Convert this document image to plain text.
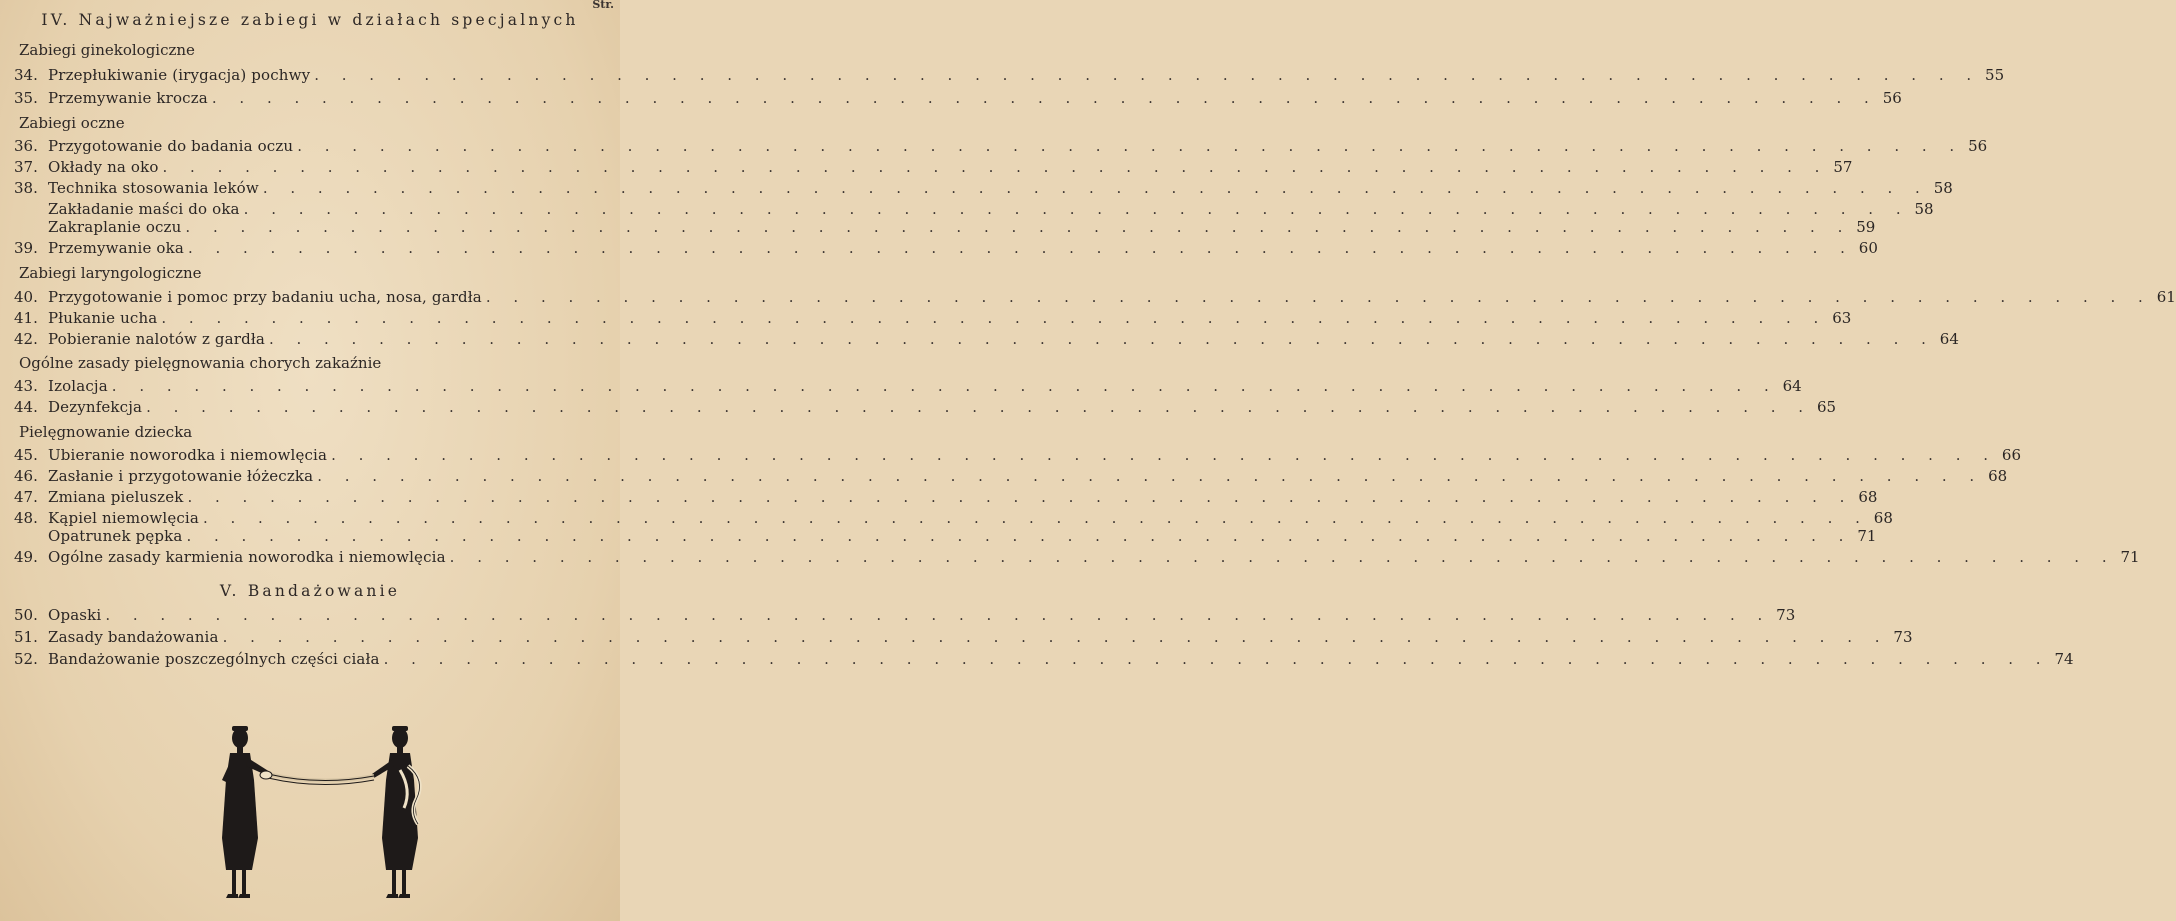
Str.
IV. Najważniejsze zabiegi w działach specjalnych
Zabiegi ginekologiczne
34. Przepłukiwanie (irygacja) pochwy . . . . . . . . . . . . . . . . . . . . . . . . . . . . . . . . . . . . . . . . . . . . . . . . . . . . . . . . . . . . . 55
35. Przemywanie krocza . . . . . . . . . . . . . . . . . . . . . . . . . . . . . . . . . . . . . . . . . . . . . . . . . . . . . . . . . . . . . 56
Zabiegi oczne
36. Przygotowanie do badania oczu . . . . . . . . . . . . . . . . . . . . . . . . . . . . . . . . . . . . . . . . . . . . . . . . . . . . . . . . . . . . . 56
37. Okłady na oko . . . . . . . . . . . . . . . . . . . . . . . . . . . . . . . . . . . . . . . . . . . . . . . . . . . . . . . . . . . . . 57
38. Technika stosowania leków . . . . . . . . . . . . . . . . . . . . . . . . . . . . . . . . . . . . . . . . . . . . . . . . . . . . . . . . . . . . . 58
Zakładanie maści do oka . . . . . . . . . . . . . . . . . . . . . . . . . . . . . . . . . . . . . . . . . . . . . . . . . . . . . . . . . . . . . 58
Zakraplanie oczu . . . . . . . . . . . . . . . . . . . . . . . . . . . . . . . . . . . . . . . . . . . . . . . . . . . . . . . . . . . . . 59
39. Przemywanie oka . . . . . . . . . . . . . . . . . . . . . . . . . . . . . . . . . . . . . . . . . . . . . . . . . . . . . . . . . . . . . 60
Zabiegi laryngologiczne
40. Przygotowanie i pomoc przy badaniu ucha, nosa, gardła . . . . . . . . . . . . . . . . . . . . . . . . . . . . . . . . . . . . . . . . . . . . . . . . . . . . . . . . . . . . . 61
41. Płukanie ucha . . . . . . . . . . . . . . . . . . . . . . . . . . . . . . . . . . . . . . . . . . . . . . . . . . . . . . . . . . . . . 63
42. Pobieranie nalotów z gardła . . . . . . . . . . . . . . . . . . . . . . . . . . . . . . . . . . . . . . . . . . . . . . . . . . . . . . . . . . . . . 64
Ogólne zasady pielęgnowania chorych zakaźnie
43. Izolacja . . . . . . . . . . . . . . . . . . . . . . . . . . . . . . . . . . . . . . . . . . . . . . . . . . . . . . . . . . . . . 64
44. Dezynfekcja . . . . . . . . . . . . . . . . . . . . . . . . . . . . . . . . . . . . . . . . . . . . . . . . . . . . . . . . . . . . . 65
Pielęgnowanie dziecka
45. Ubieranie noworodka i niemowlęcia . . . . . . . . . . . . . . . . . . . . . . . . . . . . . . . . . . . . . . . . . . . . . . . . . . . . . . . . . . . . . 66
46. Zasłanie i przygotowanie łóżeczka . . . . . . . . . . . . . . . . . . . . . . . . . . . . . . . . . . . . . . . . . . . . . . . . . . . . . . . . . . . . . 68
47. Zmiana pieluszek . . . . . . . . . . . . . . . . . . . . . . . . . . . . . . . . . . . . . . . . . . . . . . . . . . . . . . . . . . . . . 68
48. Kąpiel niemowlęcia . . . . . . . . . . . . . . . . . . . . . . . . . . . . . . . . . . . . . . . . . . . . . . . . . . . . . . . . . . . . . 68
Opatrunek pępka . . . . . . . . . . . . . . . . . . . . . . . . . . . . . . . . . . . . . . . . . . . . . . . . . . . . . . . . . . . . . 71
49. Ogólne zasady karmienia noworodka i niemowlęcia . . . . . . . . . . . . . . . . . . . . . . . . . . . . . . . . . . . . . . . . . . . . . . . . . . . . . . . . . . . . . 71
V. Bandażowanie
50. Opaski . . . . . . . . . . . . . . . . . . . . . . . . . . . . . . . . . . . . . . . . . . . . . . . . . . . . . . . . . . . . . 73
51. Zasady bandażowania . . . . . . . . . . . . . . . . . . . . . . . . . . . . . . . . . . . . . . . . . . . . . . . . . . . . . . . . . . . . . 73
52. Bandażowanie poszczególnych części ciała . . . . . . . . . . . . . . . . . . . . . . . . . . . . . . . . . . . . . . . . . . . . . . . . . . . . . . . . . . . . . 74
